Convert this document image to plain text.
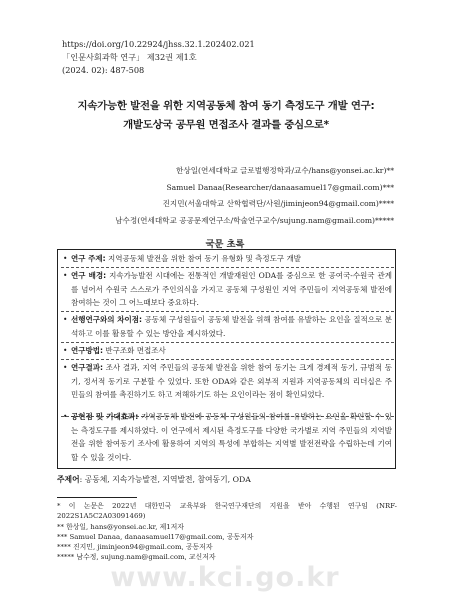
https://doi.org/10.22924/jhss.32.1.202402.021
「인문사회과학 연구」 제32권 제1호
(2024. 02): 487-508
지속가능한 발전을 위한 지역공동체 참여 동기 측정도구 개발 연구:
개발도상국 공무원 면접조사 결과를 중심으로*
한상일(연세대학교 글로벌행정학과/교수/hans@yonsei.ac.kr)**
Samuel Danaa(Researcher/danaasamuel17@gmail.com)***
진지민(서울대학교 산학협력단/사원/jiminjeon94@gmail.com)****
남수정(연세대학교 공공문제연구소/학술연구교수/sujung.nam@gmail.com)*****
국문 초록
• 연구 주제: 지역공동체 발전을 위한 참여 동기 유형화 및 측정도구 개발
• 연구 배경: 지속가능발전 시대에는 전통적인 개발재원인 ODA를 중심으로 한 공여국-수원국 관계를 넘어서 수원국 스스로가 주인의식을 가지고 공동체 구성원인 지역 주민들이 지역공동체 발전에 참여하는 것이 그 어느때보다 중요하다.
• 선행연구와의 차이점: 공동체 구성원들이 공동체 발전을 위해 참여를 유발하는 요인을 질적으로 분석하고 이를 활용할 수 있는 방안을 제시하였다.
• 연구방법: 반구조화 면접조사
• 연구결과: 조사 결과, 지역 주민들의 공동체 발전을 위한 참여 동기는 크게 경제적 동기, 규범적 동기, 정서적 동기로 구분할 수 있었다. 또한 ODA와 같은 외부적 지원과 지역공동체의 리더십은 주민들의 참여를 촉진하기도 하고 저해하기도 하는 요인이라는 점이 확인되었다.
• 공헌점 및 기대효과: 지역공동체 발전에 공동체 구성원들의 참여를 유발하는 요인을 확인할 수 있는 측정도구를 제시하였다. 이 연구에서 제시된 측정도구를 다양한 국가별로 지역 주민들의 지역발전을 위한 참여동기 조사에 활용하여 지역의 특성에 부합하는 지역별 발전전략을 수립하는데 기여할 수 있을 것이다.
주제어: 공동체, 지속가능발전, 지역발전, 참여동기, ODA
* 이 논문은 2022년 대한민국 교육부와 한국연구재단의 지원을 받아 수행된 연구임 (NRF-2022S1A5C2A03091469)
** 한상일, hans@yonsei.ac.kr, 제1저자
*** Samuel Danaa, danaasamuel17@gmail.com, 공동저자
**** 진지민, jiminjeon94@gmail.com, 공동저자
***** 남수정, sujung.nam@gmail.com, 교신저자
www.kci.go.kr
